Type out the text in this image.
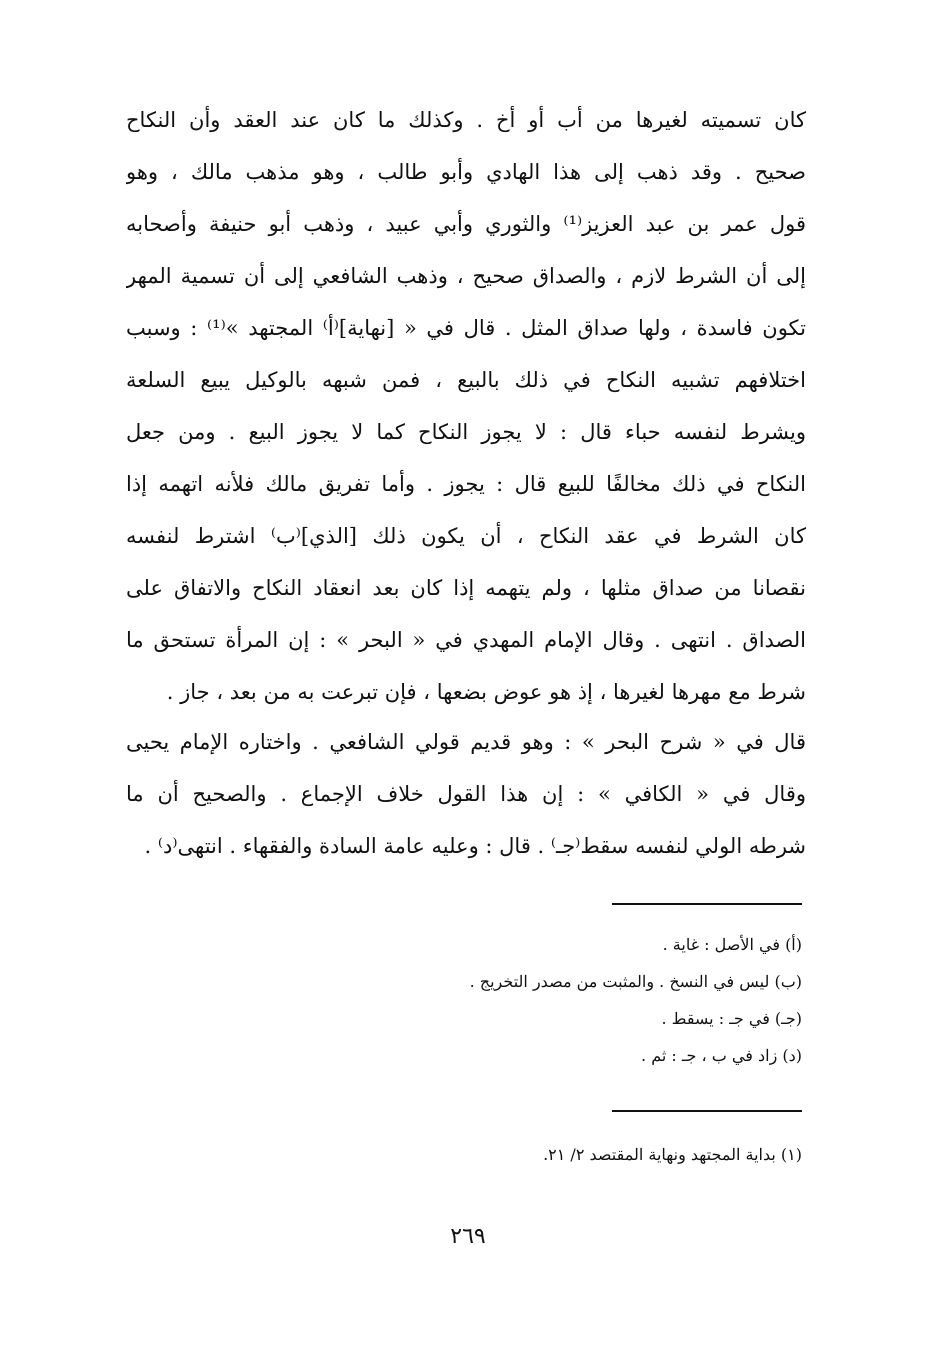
كان تسميته لغيرها من أب أو أخ . وكذلك ما كان عند العقد وأن النكاح
صحيح . وقد ذهب إلى هذا الهادي وأبو طالب ، وهو مذهب مالك ، وهو
قول عمر بن عبد العزيز⁽¹⁾ والثوري وأبي عبيد ، وذهب أبو حنيفة وأصحابه
إلى أن الشرط لازم ، والصداق صحيح ، وذهب الشافعي إلى أن تسمية المهر
تكون فاسدة ، ولها صداق المثل . قال في « [نهاية]⁽أ⁾ المجتهد »⁽¹⁾ : وسبب
اختلافهم تشبيه النكاح في ذلك بالبيع ، فمن شبهه بالوكيل يبيع السلعة
ويشرط لنفسه حباء قال : لا يجوز النكاح كما لا يجوز البيع . ومن جعل
النكاح في ذلك مخالفًا للبيع قال : يجوز . وأما تفريق مالك فلأنه اتهمه إذا
كان الشرط في عقد النكاح ، أن يكون ذلك [الذي]⁽ب⁾ اشترط لنفسه
نقصانا من صداق مثلها ، ولم يتهمه إذا كان بعد انعقاد النكاح والاتفاق على
الصداق . انتهى . وقال الإمام المهدي في « البحر » : إن المرأة تستحق ما
شرط مع مهرها لغيرها ، إذ هو عوض بضعها ، فإن تبرعت به من بعد ، جاز .
قال في « شرح البحر » : وهو قديم قولي الشافعي . واختاره الإمام يحيى
وقال في « الكافي » : إن هذا القول خلاف الإجماع . والصحيح أن ما
شرطه الولي لنفسه سقط⁽جـ⁾ . قال : وعليه عامة السادة والفقهاء . انتهى⁽د⁾ .
(أ) في الأصل : غاية .
(ب) ليس في النسخ . والمثبت من مصدر التخريج .
(جـ) في جـ : يسقط .
(د) زاد في ب ، جـ : ثم .
(١) بداية المجتهد ونهاية المقتصد ٢/ ٢١.
٢٦٩
